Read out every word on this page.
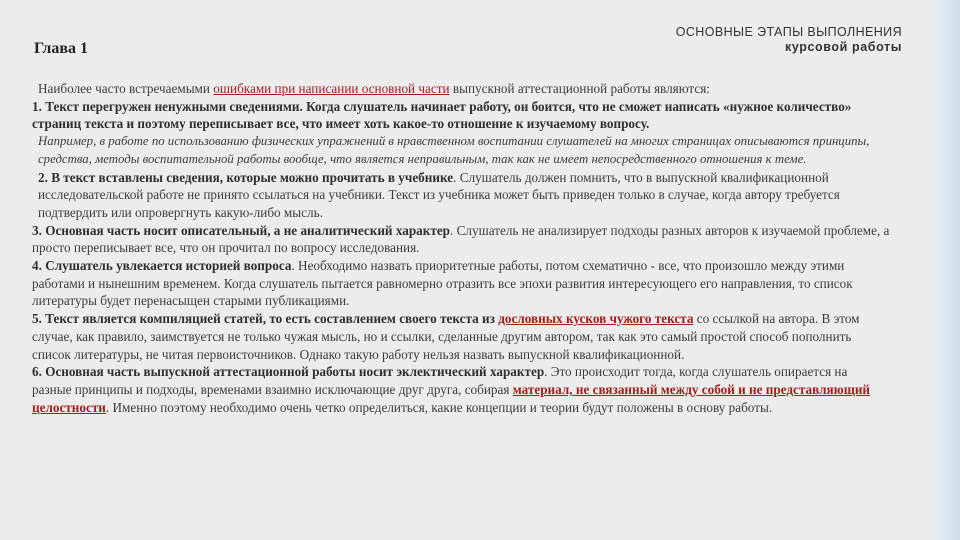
Глава 1
ОСНОВНЫЕ ЭТАПЫ ВЫПОЛНЕНИЯ
курсовой работы

Наиболее часто встречаемыми ошибками при написании основной части выпускной аттестационной работы являются:

1. Текст перегружен ненужными сведениями. Когда слушатель начинает работу, он боится, что не сможет написать «нужное количество» страниц текста и поэтому переписывает все, что имеет хоть какое-то отношение к изучаемому вопросу.

Например, в работе по использованию физических упражнений в нравственном воспитании слушателей на многих страницах описываются принципы, средства, методы воспитательной работы вообще, что является неправильным, так как не имеет непосредственного отношения к теме.

2. В текст вставлены сведения, которые можно прочитать в учебнике. Слушатель должен помнить, что в выпускной квалификационной исследовательской работе не принято ссылаться на учебники. Текст из учебника может быть приведен только в случае, когда автору требуется подтвердить или опровергнуть какую-либо мысль.

3. Основная часть носит описательный, а не аналитический характер. Слушатель не анализирует подходы разных авторов к изучаемой проблеме, а просто переписывает все, что он прочитал по вопросу исследования.

4. Слушатель увлекается историей вопроса. Необходимо назвать приоритетные работы, потом схематично - все, что произошло между этими работами и нынешним временем. Когда слушатель пытается равномерно отразить все эпохи развития интересующего его направления, то список литературы будет перенасыщен старыми публикациями.

5. Текст является компиляцией статей, то есть составлением своего текста из дословных кусков чужого текста со ссылкой на автора. В этом случае, как правило, заимствуется не только чужая мысль, но и ссылки, сделанные другим автором, так как это самый простой способ пополнить список литературы, не читая первоисточников. Однако такую работу нельзя назвать выпускной квалификационной.

6. Основная часть выпускной аттестационной работы носит эклектический характер. Это происходит тогда, когда слушатель опирается на разные принципы и подходы, временами взаимно исключающие друг друга, собирая материал, не связанный между собой и не представляющий целостности. Именно поэтому необходимо очень четко определиться, какие концепции и теории будут положены в основу работы.
